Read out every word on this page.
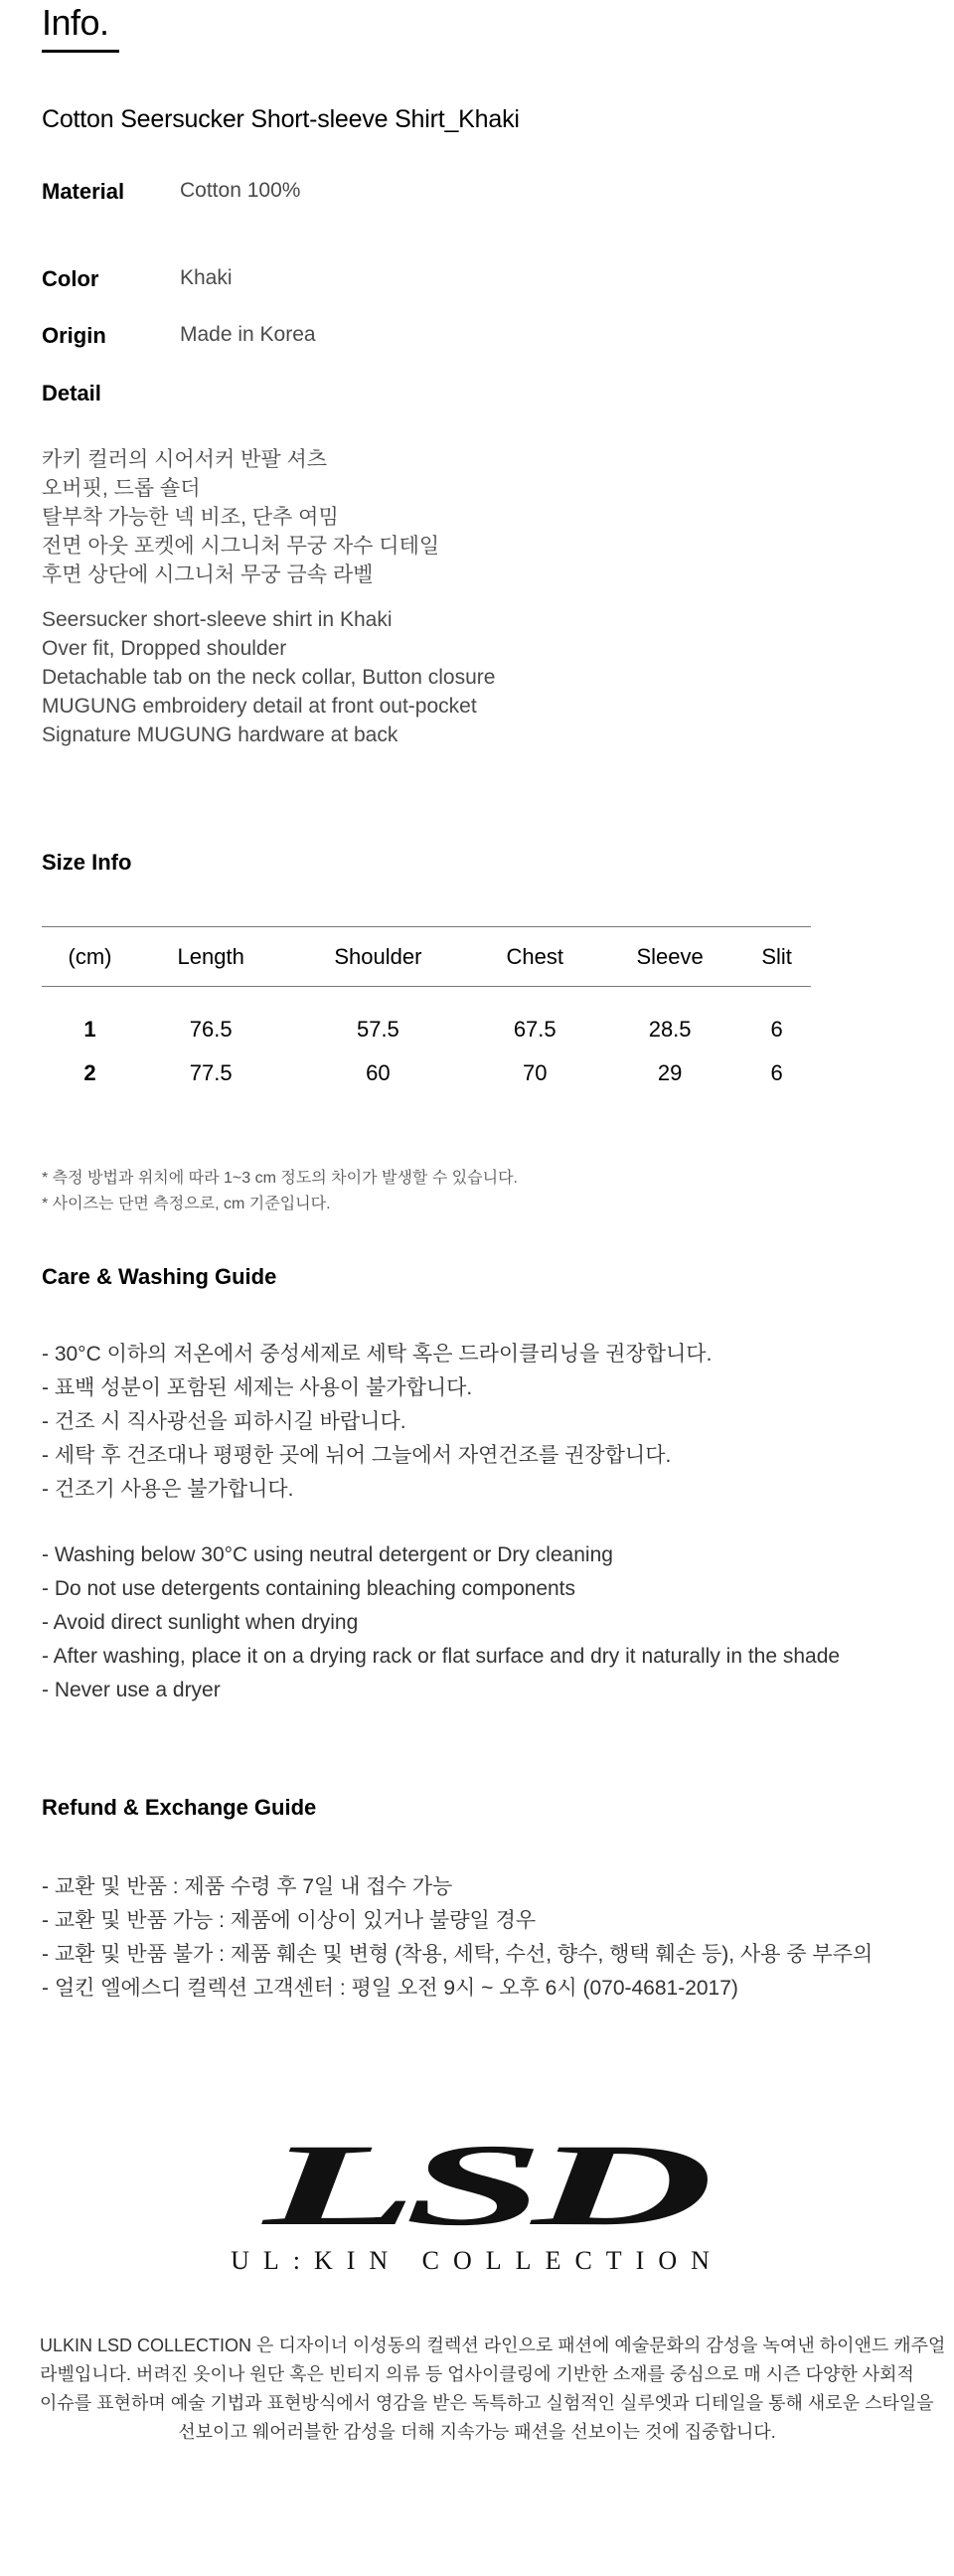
Info.
Cotton Seersucker Short-sleeve Shirt_Khaki
Material	Cotton 100%
Color	Khaki
Origin	Made in Korea
Detail
카키 컬러의 시어서커 반팔 셔츠
오버핏, 드롭 숄더
탈부착 가능한 넥 비조, 단추 여밈
전면 아웃 포켓에 시그니처 무궁 자수 디테일
후면 상단에 시그니처 무궁 금속 라벨
Seersucker short-sleeve shirt in Khaki
Over fit, Dropped shoulder
Detachable tab on the neck collar, Button closure
MUGUNG embroidery detail at front out-pocket
Signature MUGUNG hardware at back
Size Info
(cm)	Length	Shoulder	Chest	Sleeve	Slit
1	76.5	57.5	67.5	28.5	6
2	77.5	60	70	29	6
* 측정 방법과 위치에 따라 1~3 cm 정도의 차이가 발생할 수 있습니다.
* 사이즈는 단면 측정으로, cm 기준입니다.
Care & Washing Guide
- 30°C 이하의 저온에서 중성세제로 세탁 혹은 드라이클리닝을 권장합니다.
- 표백 성분이 포함된 세제는 사용이 불가합니다.
- 건조 시 직사광선을 피하시길 바랍니다.
- 세탁 후 건조대나 평평한 곳에 뉘어 그늘에서 자연건조를 권장합니다.
- 건조기 사용은 불가합니다.
- Washing below 30°C using neutral detergent or Dry cleaning
- Do not use detergents containing bleaching components
- Avoid direct sunlight when drying
- After washing, place it on a drying rack or flat surface and dry it naturally in the shade
- Never use a dryer
Refund & Exchange Guide
- 교환 및 반품 : 제품 수령 후 7일 내 접수 가능
- 교환 및 반품 가능 : 제품에 이상이 있거나 불량일 경우
- 교환 및 반품 불가 : 제품 훼손 및 변형 (착용, 세탁, 수선, 향수, 행택 훼손 등), 사용 중 부주의
- 얼킨 엘에스디 컬렉션 고객센터 : 평일 오전 9시 ~ 오후 6시 (070-4681-2017)
LSD
UL:KIN COLLECTION
ULKIN LSD COLLECTION 은 디자이너 이성동의 컬렉션 라인으로 패션에 예술문화의 감성을 녹여낸 하이앤드 캐주얼
라벨입니다. 버려진 옷이나 원단 혹은 빈티지 의류 등 업사이클링에 기반한 소재를 중심으로 매 시즌 다양한 사회적
이슈를 표현하며 예술 기법과 표현방식에서 영감을 받은 독특하고 실험적인 실루엣과 디테일을 통해 새로운 스타일을
선보이고 웨어러블한 감성을 더해 지속가능 패션을 선보이는 것에 집중합니다.
